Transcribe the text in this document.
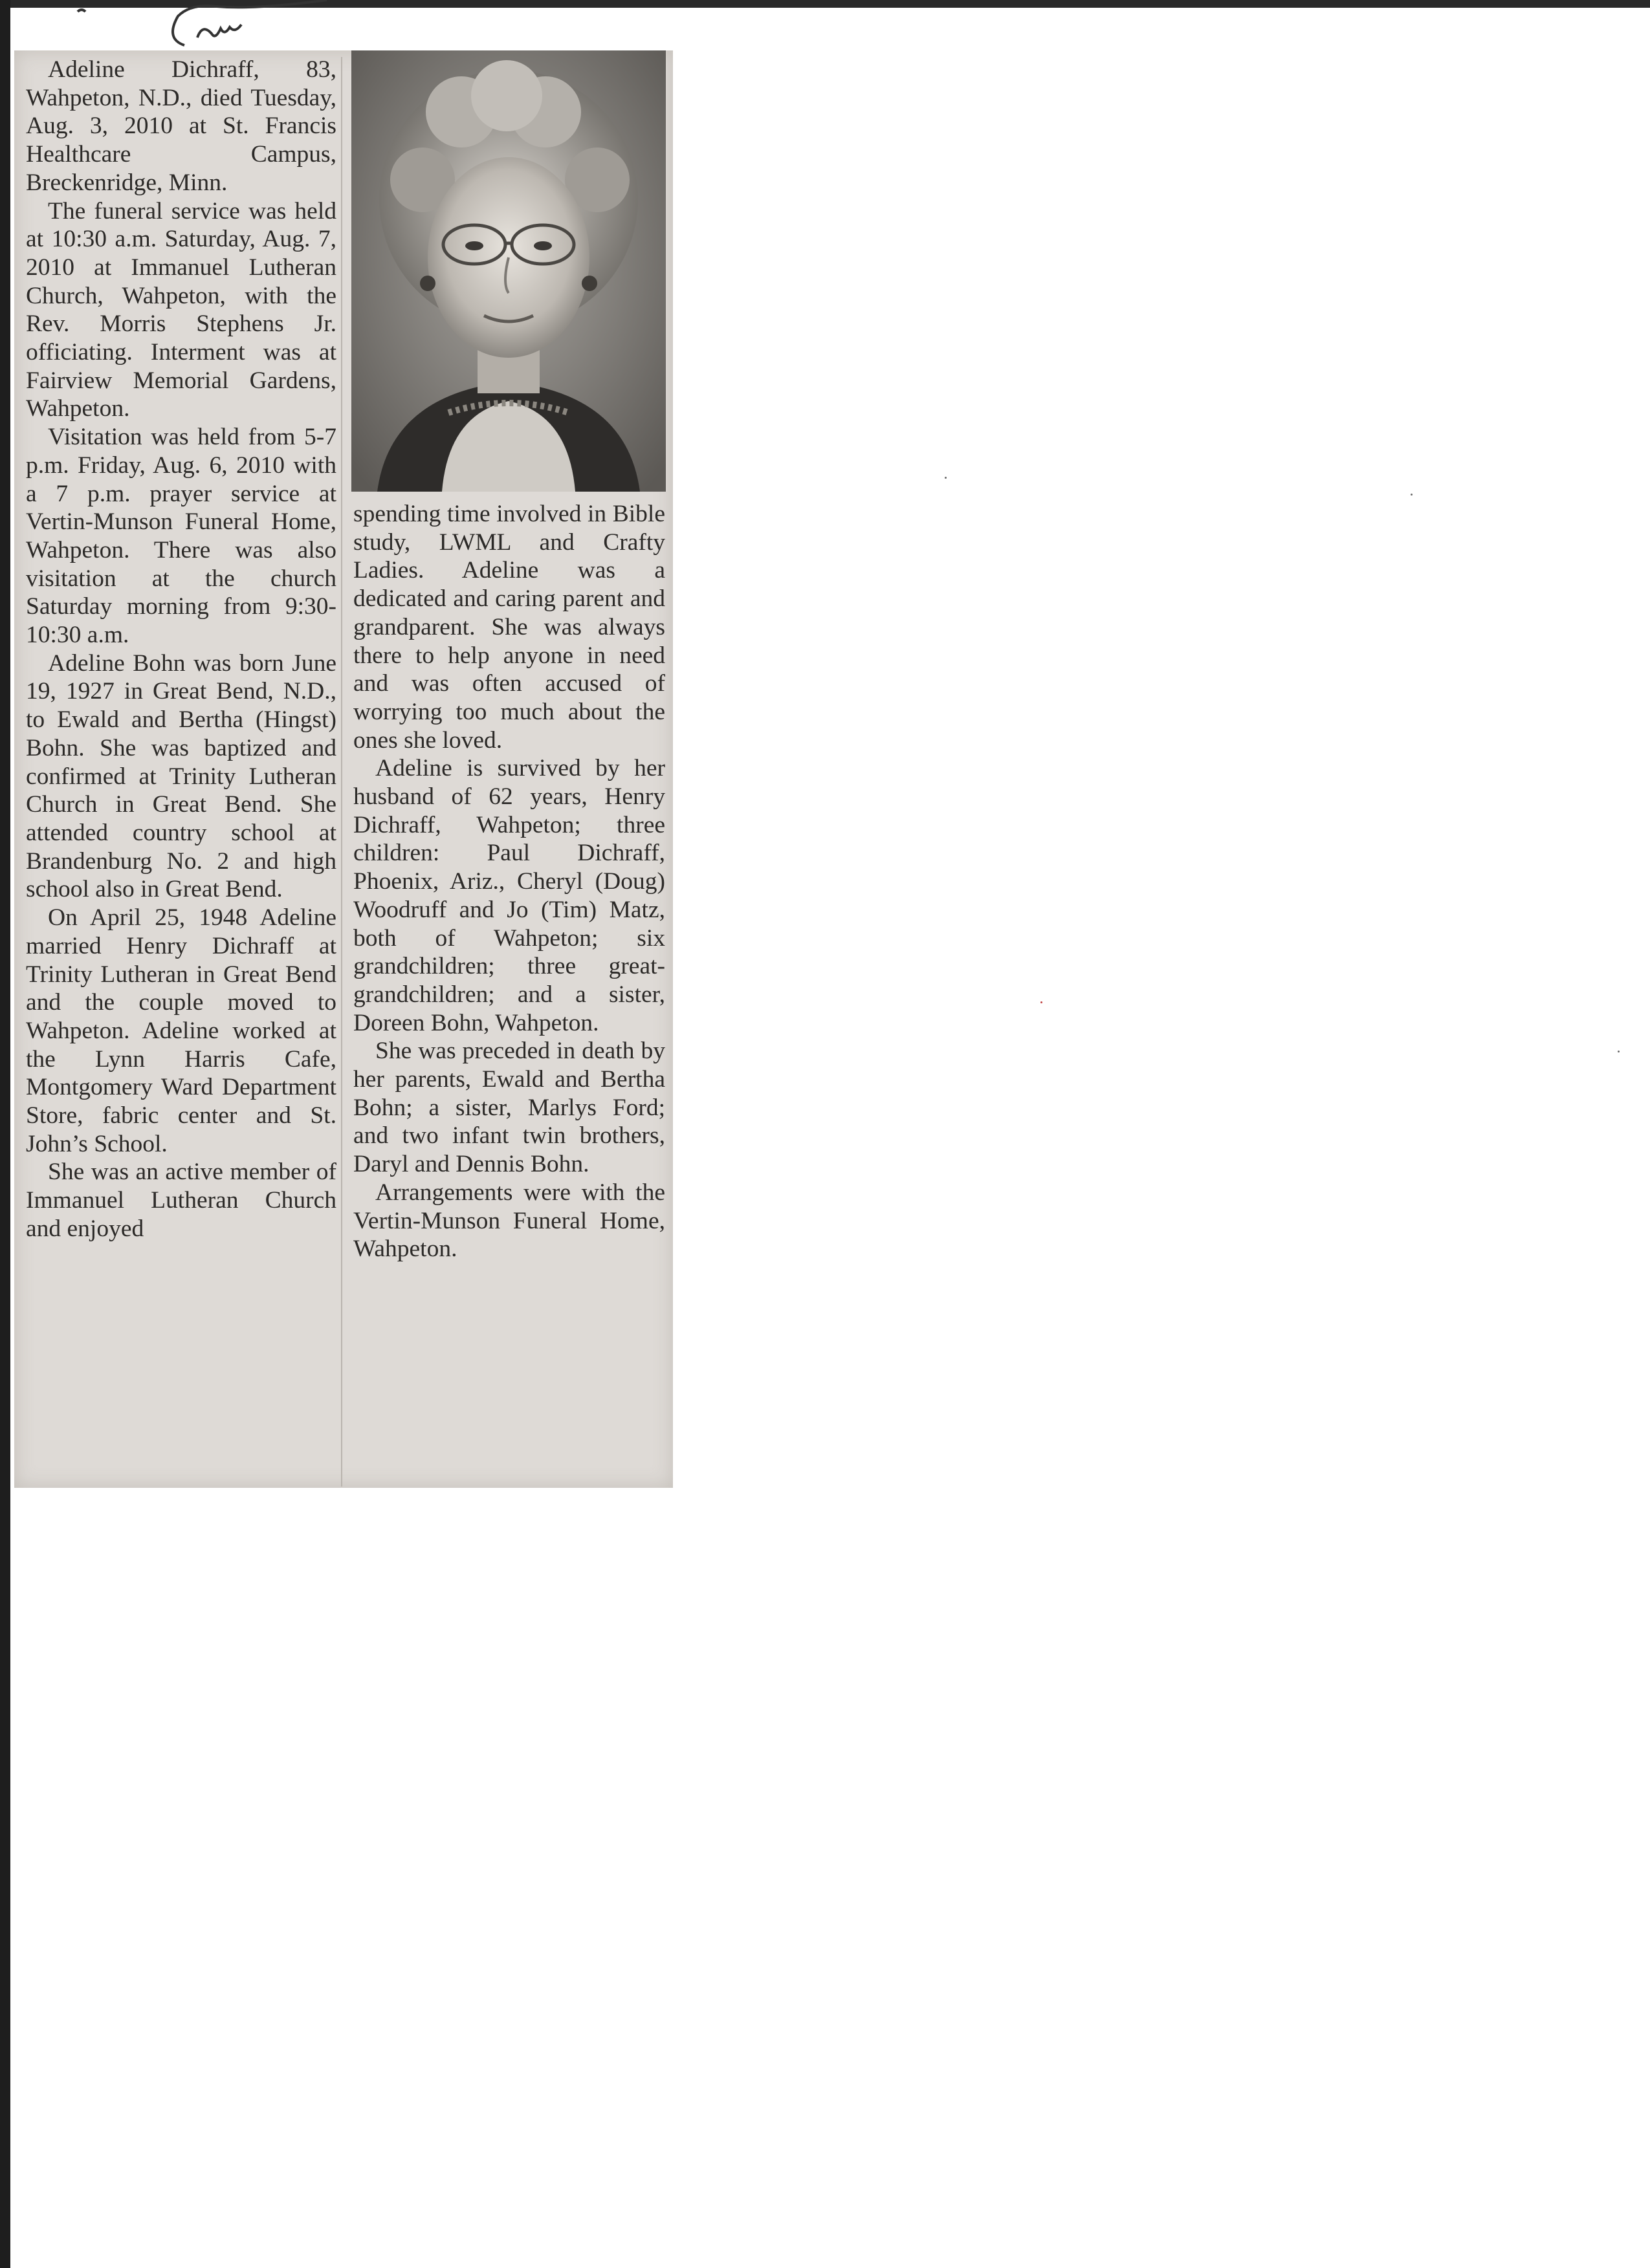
Adeline Dichraff, 83, Wahpeton, N.D., died Tuesday, Aug. 3, 2010 at St. Francis Healthcare Campus, Breckenridge, Minn.

The funeral service was held at 10:30 a.m. Saturday, Aug. 7, 2010 at Immanuel Lutheran Church, Wahpeton, with the Rev. Morris Stephens Jr. officiating. Interment was at Fairview Memorial Gardens, Wahpeton.

Visitation was held from 5-7 p.m. Friday, Aug. 6, 2010 with a 7 p.m. prayer service at Vertin-Munson Funeral Home, Wahpeton. There was also visitation at the church Saturday morning from 9:30-10:30 a.m.

Adeline Bohn was born June 19, 1927 in Great Bend, N.D., to Ewald and Bertha (Hingst) Bohn. She was baptized and confirmed at Trinity Lutheran Church in Great Bend. She attended country school at Brandenburg No. 2 and high school also in Great Bend.

On April 25, 1948 Adeline married Henry Dichraff at Trinity Lutheran in Great Bend and the couple moved to Wahpeton. Adeline worked at the Lynn Harris Cafe, Montgomery Ward Department Store, fabric center and St. John’s School.

She was an active member of Immanuel Lutheran Church and enjoyed

spending time involved in Bible study, LWML and Crafty Ladies. Adeline was a dedicated and caring parent and grandparent. She was always there to help anyone in need and was often accused of worrying too much about the ones she loved.

Adeline is survived by her husband of 62 years, Henry Dichraff, Wahpeton; three children: Paul Dichraff, Phoenix, Ariz., Cheryl (Doug) Woodruff and Jo (Tim) Matz, both of Wahpeton; six grandchildren; three great-grandchildren; and a sister, Doreen Bohn, Wahpeton.

She was preceded in death by her parents, Ewald and Bertha Bohn; a sister, Marlys Ford; and two infant twin brothers, Daryl and Dennis Bohn.

Arrangements were with the Vertin-Munson Funeral Home, Wahpeton.
